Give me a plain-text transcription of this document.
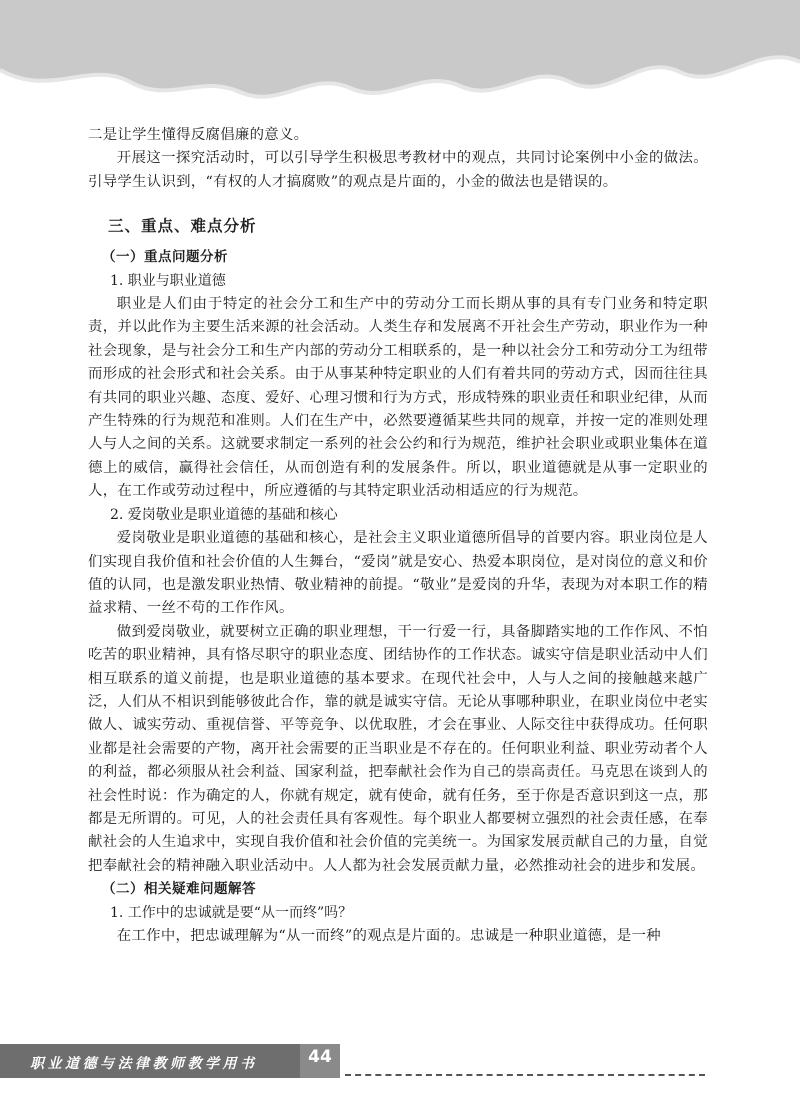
二是让学生懂得反腐倡廉的意义。

开展这一探究活动时，可以引导学生积极思考教材中的观点，共同讨论案例中小金的做法。引导学生认识到，“有权的人才搞腐败”的观点是片面的，小金的做法也是错误的。

三、重点、难点分析
（一）重点问题分析
1. 职业与职业道德

职业是人们由于特定的社会分工和生产中的劳动分工而长期从事的具有专门业务和特定职责，并以此作为主要生活来源的社会活动。人类生存和发展离不开社会生产劳动，职业作为一种社会现象，是与社会分工和生产内部的劳动分工相联系的，是一种以社会分工和劳动分工为纽带而形成的社会形式和社会关系。由于从事某种特定职业的人们有着共同的劳动方式，因而往往具有共同的职业兴趣、态度、爱好、心理习惯和行为方式，形成特殊的职业责任和职业纪律，从而产生特殊的行为规范和准则。人们在生产中，必然要遵循某些共同的规章，并按一定的准则处理人与人之间的关系。这就要求制定一系列的社会公约和行为规范，维护社会职业或职业集体在道德上的威信，赢得社会信任，从而创造有利的发展条件。所以，职业道德就是从事一定职业的人，在工作或劳动过程中，所应遵循的与其特定职业活动相适应的行为规范。

2. 爱岗敬业是职业道德的基础和核心

爱岗敬业是职业道德的基础和核心，是社会主义职业道德所倡导的首要内容。职业岗位是人们实现自我价值和社会价值的人生舞台，“爱岗”就是安心、热爱本职岗位，是对岗位的意义和价值的认同，也是激发职业热情、敬业精神的前提。“敬业”是爱岗的升华，表现为对本职工作的精益求精、一丝不苟的工作作风。

做到爱岗敬业，就要树立正确的职业理想，干一行爱一行，具备脚踏实地的工作作风、不怕吃苦的职业精神，具有恪尽职守的职业态度、团结协作的工作状态。诚实守信是职业活动中人们相互联系的道义前提，也是职业道德的基本要求。在现代社会中，人与人之间的接触越来越广泛，人们从不相识到能够彼此合作，靠的就是诚实守信。无论从事哪种职业，在职业岗位中老实做人、诚实劳动、重视信誉、平等竞争、以优取胜，才会在事业、人际交往中获得成功。任何职业都是社会需要的产物，离开社会需要的正当职业是不存在的。任何职业利益、职业劳动者个人的利益，都必须服从社会利益、国家利益，把奉献社会作为自己的崇高责任。马克思在谈到人的社会性时说：作为确定的人，你就有规定，就有使命，就有任务，至于你是否意识到这一点，那都是无所谓的。可见，人的社会责任具有客观性。每个职业人都要树立强烈的社会责任感，在奉献社会的人生追求中，实现自我价值和社会价值的完美统一。为国家发展贡献自己的力量，自觉把奉献社会的精神融入职业活动中。人人都为社会发展贡献力量，必然推动社会的进步和发展。

（二）相关疑难问题解答
1. 工作中的忠诚就是要“从一而终”吗？

在工作中，把忠诚理解为“从一而终”的观点是片面的。忠诚是一种职业道德，是一种

职业道德与法律教师教学用书	44
